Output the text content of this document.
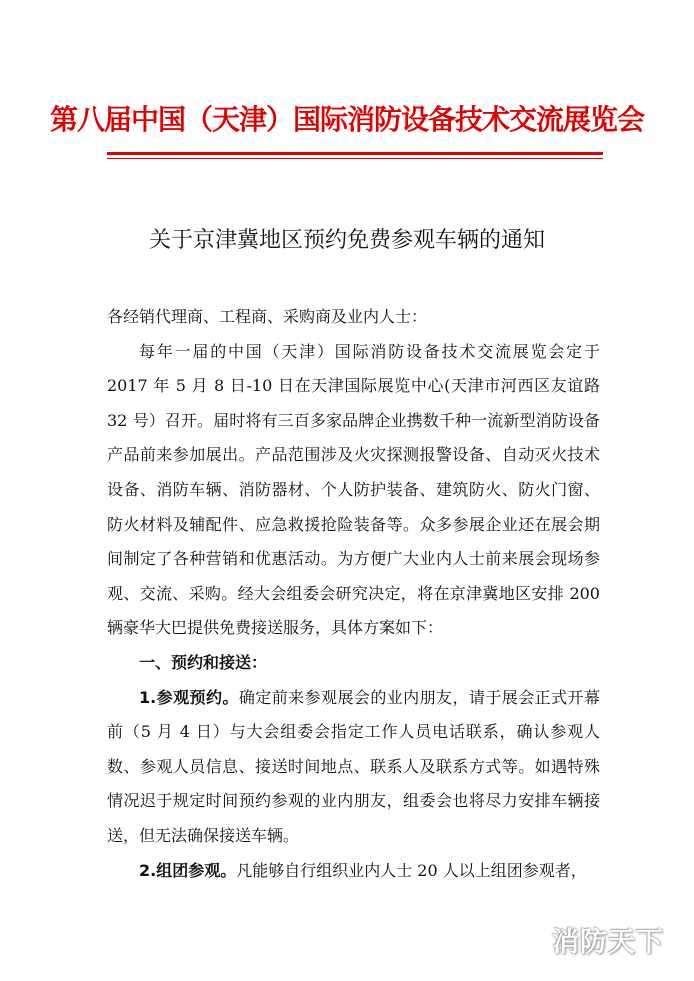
第八届中国（天津）国际消防设备技术交流展览会
关于京津冀地区预约免费参观车辆的通知

各经销代理商、工程商、采购商及业内人士：

每年一届的中国（天津）国际消防设备技术交流展览会定于 2017 年 5 月 8 日-10 日在天津国际展览中心(天津市河西区友谊路 32 号）召开。届时将有三百多家品牌企业携数千种一流新型消防设备产品前来参加展出。产品范围涉及火灾探测报警设备、自动灭火技术设备、消防车辆、消防器材、个人防护装备、建筑防火、防火门窗、防火材料及辅配件、应急救援抢险装备等。众多参展企业还在展会期间制定了各种营销和优惠活动。为方便广大业内人士前来展会现场参观、交流、采购。经大会组委会研究决定，将在京津冀地区安排 200 辆豪华大巴提供免费接送服务，具体方案如下：

一、预约和接送：

1.参观预约。确定前来参观展会的业内朋友，请于展会正式开幕前（5 月 4 日）与大会组委会指定工作人员电话联系，确认参观人数、参观人员信息、接送时间地点、联系人及联系方式等。如遇特殊情况迟于规定时间预约参观的业内朋友，组委会也将尽力安排车辆接送，但无法确保接送车辆。

2.组团参观。凡能够自行组织业内人士 20 人以上组团参观者，

消防天下
